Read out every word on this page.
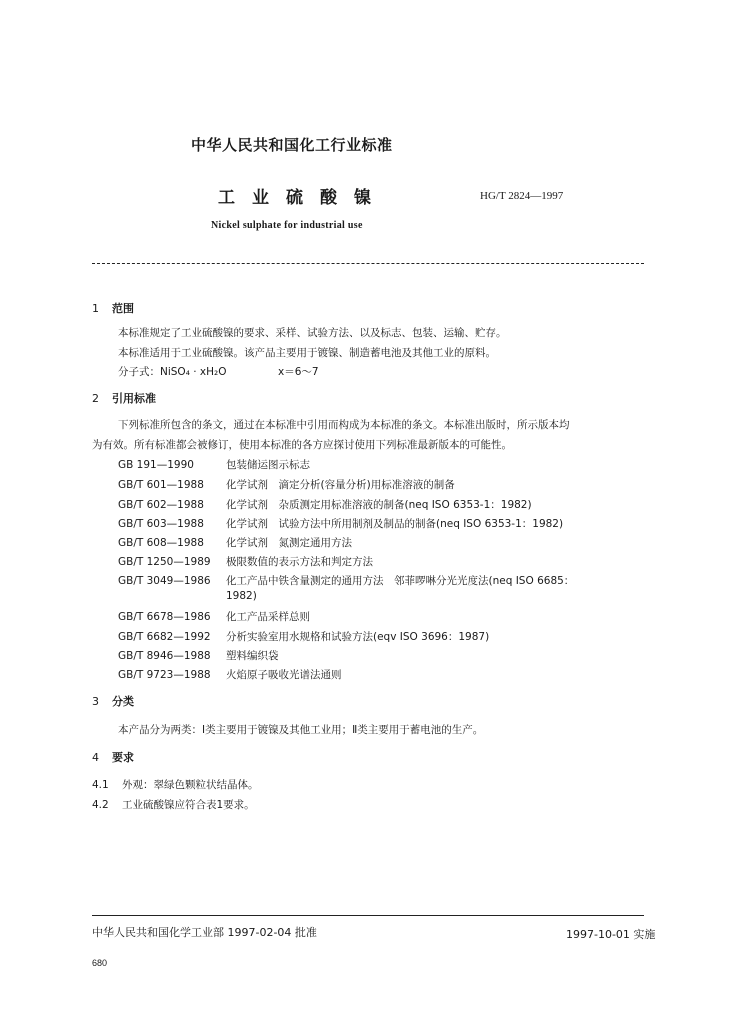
中华人民共和国化工行业标准
工业硫酸镍	HG/T 2824—1997
Nickel sulphate for industrial use
1 范围
本标准规定了工业硫酸镍的要求、采样、试验方法、以及标志、包装、运输、贮存。
本标准适用于工业硫酸镍。该产品主要用于镀镍、制造蓄电池及其他工业的原料。
分子式：NiSO₄ · xH₂O	x＝6～7
2 引用标准
下列标准所包含的条文，通过在本标准中引用而构成为本标准的条文。本标准出版时，所示版本均
为有效。所有标准都会被修订，使用本标准的各方应探讨使用下列标准最新版本的可能性。
GB 191—1990	包装储运图示标志
GB/T 601—1988 化学试剂　滴定分析(容量分析)用标准溶液的制备
GB/T 602—1988 化学试剂　杂质测定用标准溶液的制备(neq ISO 6353-1：1982)
GB/T 603—1988 化学试剂　试验方法中所用制剂及制品的制备(neq ISO 6353-1：1982)
GB/T 608—1988 化学试剂　氮测定通用方法
GB/T 1250—1989 极限数值的表示方法和判定方法
GB/T 3049—1986 化工产品中铁含量测定的通用方法　邻菲啰啉分光光度法(neq ISO 6685：
1982)
GB/T 6678—1986 化工产品采样总则
GB/T 6682—1992 分析实验室用水规格和试验方法(eqv ISO 3696：1987)
GB/T 8946—1988 塑料编织袋
GB/T 9723—1988 火焰原子吸收光谱法通则
3 分类
本产品分为两类：Ⅰ类主要用于镀镍及其他工业用；Ⅱ类主要用于蓄电池的生产。
4 要求
4.1 外观：翠绿色颗粒状结晶体。
4.2 工业硫酸镍应符合表1要求。
中华人民共和国化学工业部 1997-02-04 批准	1997-10-01 实施
680
